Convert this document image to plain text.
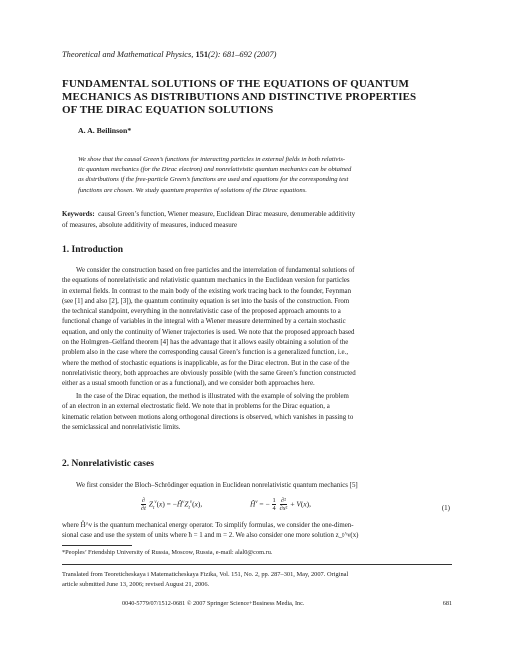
Theoretical and Mathematical Physics, 151(2): 681–692 (2007)
FUNDAMENTAL SOLUTIONS OF THE EQUATIONS OF QUANTUM
MECHANICS AS DISTRIBUTIONS AND DISTINCTIVE PROPERTIES
OF THE DIRAC EQUATION SOLUTIONS
A. A. Beilinson*
We show that the causal Green’s functions for interacting particles in external fields in both relativis-
tic quantum mechanics (for the Dirac electron) and nonrelativistic quantum mechanics can be obtained
as distributions if the free-particle Green’s functions are used and equations for the corresponding test
functions are chosen. We study quantum properties of solutions of the Dirac equations.
Keywords: causal Green’s function, Wiener measure, Euclidean Dirac measure, denumerable additivity
of measures, absolute additivity of measures, induced measure
1. Introduction
We consider the construction based on free particles and the interrelation of fundamental solutions of
the equations of nonrelativistic and relativistic quantum mechanics in the Euclidean version for particles
in external fields. In contrast to the main body of the existing work tracing back to the founder, Feynman
(see [1] and also [2], [3]), the quantum continuity equation is set into the basis of the construction. From
the technical standpoint, everything in the nonrelativistic case of the proposed approach amounts to a
functional change of variables in the integral with a Wiener measure determined by a certain stochastic
equation, and only the continuity of Wiener trajectories is used. We note that the proposed approach based
on the Holmgren–Gelfand theorem [4] has the advantage that it allows easily obtaining a solution of the
problem also in the case where the corresponding causal Green’s function is a generalized function, i.e.,
where the method of stochastic equations is inapplicable, as for the Dirac electron. But in the case of the
nonrelativistic theory, both approaches are obviously possible (with the same Green’s function constructed
either as a usual smooth function or as a functional), and we consider both approaches here.
In the case of the Dirac equation, the method is illustrated with the example of solving the problem
of an electron in an external electrostatic field. We note that in problems for the Dirac equation, a
kinematic relation between motions along orthogonal directions is observed, which vanishes in passing to
the semiclassical and nonrelativistic limits.
2. Nonrelativistic cases
We first consider the Bloch–Schrödinger equation in Euclidean nonrelativistic quantum mechanics [5]
$\frac{\partial}{\partial t} Z_t^\nu(x)$ = $-Ĥ^\nu Z_t^\nu(x)$,	$Ĥ^\nu$ = − $\frac{1}{4}$
$\frac{\text{∂²}}{\text{∂x²}} + V(x)$,	(1)
where Ĥ^ν is the quantum mechanical energy operator. To simplify formulas, we consider the one-dimen-
sional case and use the system of units where ħ = 1 and m = 2. We also consider one more solution z_t^ν(x)
*Peoples’ Friendship University of Russia, Moscow, Russia, e-mail: alal0@com.ru.
Translated from Teoreticheskaya i Matematicheskaya Fizika, Vol. 151, No. 2, pp. 287–301, May, 2007. Original
article submitted June 13, 2006; revised August 21, 2006.
0040-5779/07/1512-0681 © 2007 Springer Science+Business Media, Inc.	681
